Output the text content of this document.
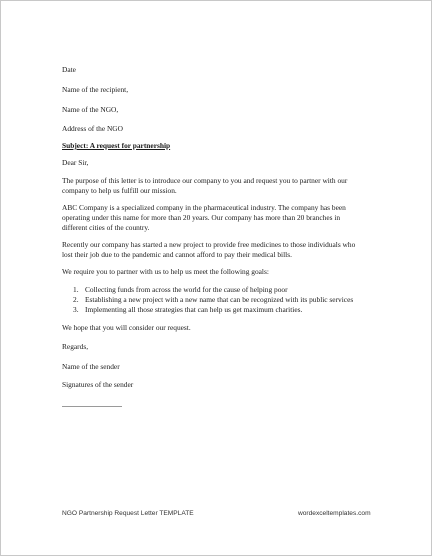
Date
Name of the recipient,
Name of the NGO,
Address of the NGO
Subject: A request for partnership
Dear Sir,
The purpose of this letter is to introduce our company to you and request you to partner with our
company to help us fulfill our mission.
ABC Company is a specialized company in the pharmaceutical industry. The company has been
operating under this name for more than 20 years. Our company has more than 20 branches in
different cities of the country.
Recently our company has started a new project to provide free medicines to those individuals who
lost their job due to the pandemic and cannot afford to pay their medical bills.
We require you to partner with us to help us meet the following goals:
1. Collecting funds from across the world for the cause of helping poor
2. Establishing a new project with a new name that can be recognized with its public services
3. Implementing all those strategies that can help us get maximum charities.
We hope that you will consider our request.
Regards,
Name of the sender
Signatures of the sender
NGO Partnership Request Letter TEMPLATE	wordexceltemplates.com
